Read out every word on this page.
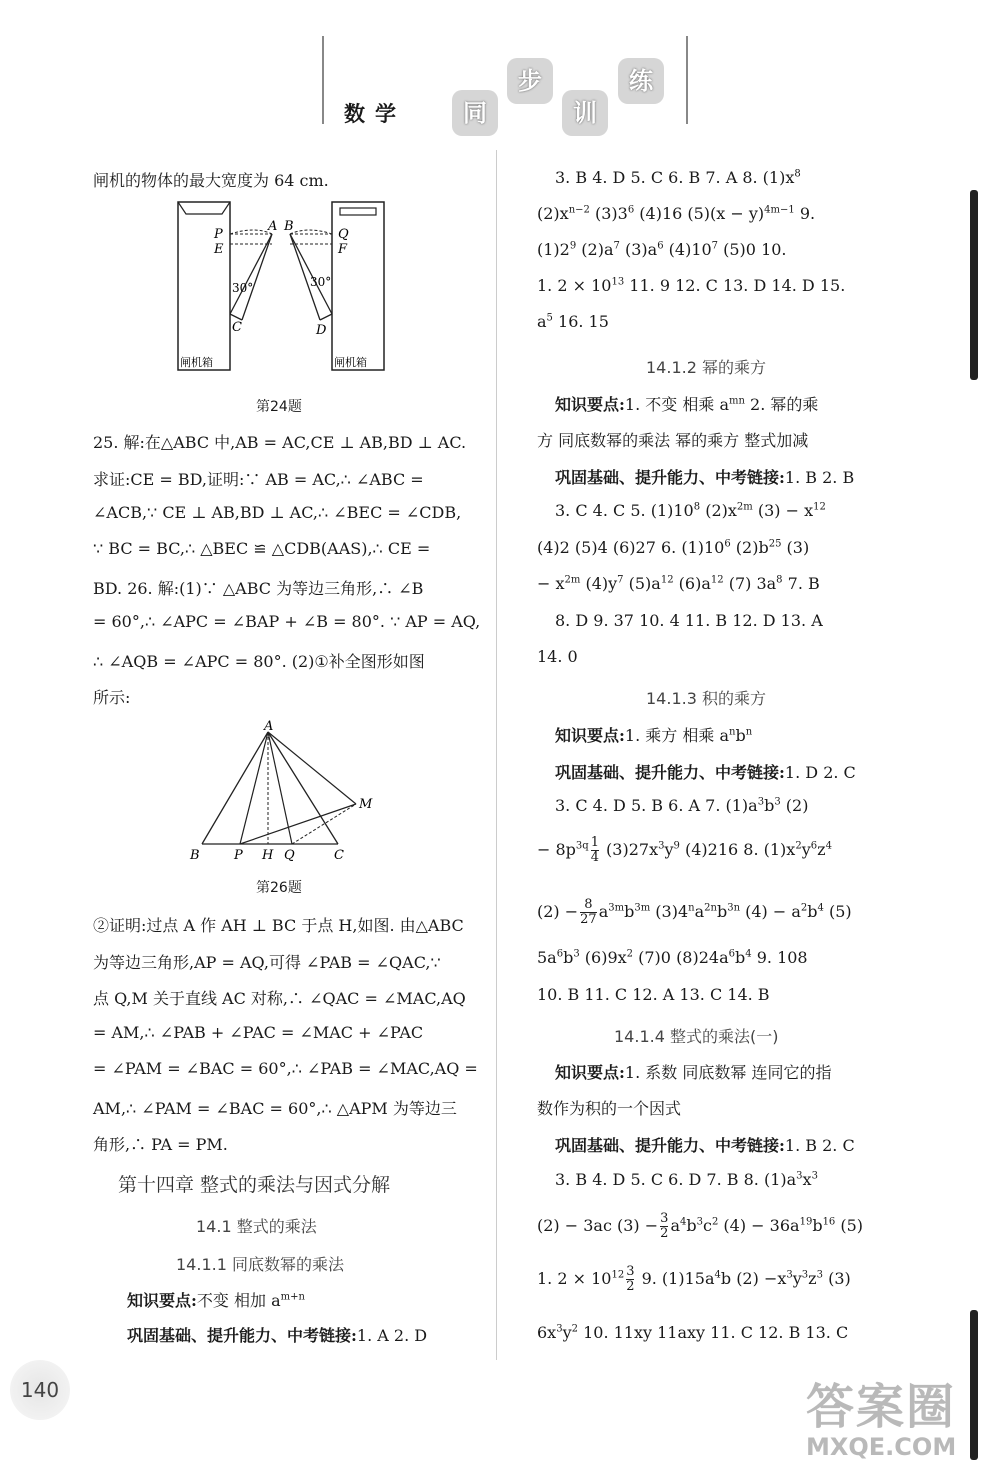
数学	同
步
训
练
闸机的物体的最大宽度为 64 cm.
P
E
A
C
30°
B
Q
F
D
30°
闸机箱	闸机箱
第24题
25. 解:在△ABC 中,AB = AC,CE ⊥ AB,BD ⊥ AC.
求证:CE = BD,证明:∵ AB = AC,∴ ∠ABC =
∠ACB,∵ CE ⊥ AB,BD ⊥ AC,∴ ∠BEC = ∠CDB,
∵ BC = BC,∴ △BEC ≌ △CDB(AAS),∴ CE =
BD. 26. 解:(1)∵ △ABC 为等边三角形,∴ ∠B
= 60°,∴ ∠APC = ∠BAP + ∠B = 80°. ∵ AP = AQ,
∴ ∠AQB = ∠APC = 80°. (2)①补全图形如图
所示:
A
B	P H Q	C
M
第26题
②证明:过点 A 作 AH ⊥ BC 于点 H,如图. 由△ABC
为等边三角形,AP = AQ,可得 ∠PAB = ∠QAC,∵
点 Q,M 关于直线 AC 对称,∴ ∠QAC = ∠MAC,AQ
= AM,∴ ∠PAB + ∠PAC = ∠MAC + ∠PAC
= ∠PAM = ∠BAC = 60°,∴ ∠PAB = ∠MAC,AQ =
AM,∴ ∠PAM = ∠BAC = 60°,∴ △APM 为等边三
角形,∴ PA = PM.
第十四章 整式的乘法与因式分解
14.1 整式的乘法
14.1.1 同底数幂的乘法
知识要点:不变 相加 $a^{m+n}$
巩固基础、提升能力、中考链接:1. A 2. D
3. B 4. D 5. C 6. B 7. A 8. $(1)x^8$
$(2)x^{n-2}$ $(3)3^6$ (4)16 $(5)(x - y)^{4m-1}$ 9.
$(1)2^9$ $(2)a^7$ $(3)a^6$ $(4)10^7$ (5)0 10.
1. $2 \times 10^{13}$ 11. 9 12. C 13. D 14. D 15.
$a^5$ 16. 15
14.1.2 幂的乘方
知识要点:1. 不变 相乘 $a^{mn}$ 2. 幂的乘
方 同底数幂的乘法 幂的乘方 整式加减
巩固基础、提升能力、中考链接:1. B 2. B
3. C 4. C 5. $(1)10^8$ $(2)x^{2m}$ $(3) - x^{12}$
(4)2 (5)4 (6)27 6. $(1)10^6$ $(2)b^{25}$ (3)
− $x^{2m}$ $(4)y^7$ $(5)a^{12}$ $(6)a^{12}$ (7) $3a^8$ 7. B
8. D 9. 37 10. 4 11. B 12. D 13. A
14. 0
14.1.3 积的乘方
知识要点:1. 乘方 相乘 $a^nb^n$
巩固基础、提升能力、中考链接:1. D 2. C
3. C 4. D 5. B 6. A 7. $(1)a^3b^3$ (2)
− $8p^{3q} \frac{1}{4} (3)27x^3y^9$ (4)216 8. $(1)x^2y^6z^4$
$(2) - \frac{8}{27} a^{3m}b^{3m}$ $(3)4^na^{2n}b^{3n}$ $(4) - a^2b^4$ (5)
$5a^6b^3$ $(6)9x^2$ (7)0 $(8)24a^6b^4$ 9. 108
10. B 11. C 12. A 13. C 14. B
14.1.4 整式的乘法(一)
知识要点:1. 系数 同底数幂 连同它的指
数作为积的一个因式
巩固基础、提升能力、中考链接:1. B 2. C
3. B 4. D 5. C 6. D 7. B 8. $(1)a^3x^3$
(2) − 3ac $(3) - \frac{3}{2} a^4b^3c^2$ $(4) - 36a^{19}b^{16}$ (5)
1. $2 \times 10^{12} \frac{3}{2} 9$. $(1)15a^4b$ $(2) -x^3y^3z^3$ (3)
$6x^3y^2$ 10. 11xy 11axy 11. C 12. B 13. C
140	答案圈
MXQE.COM
